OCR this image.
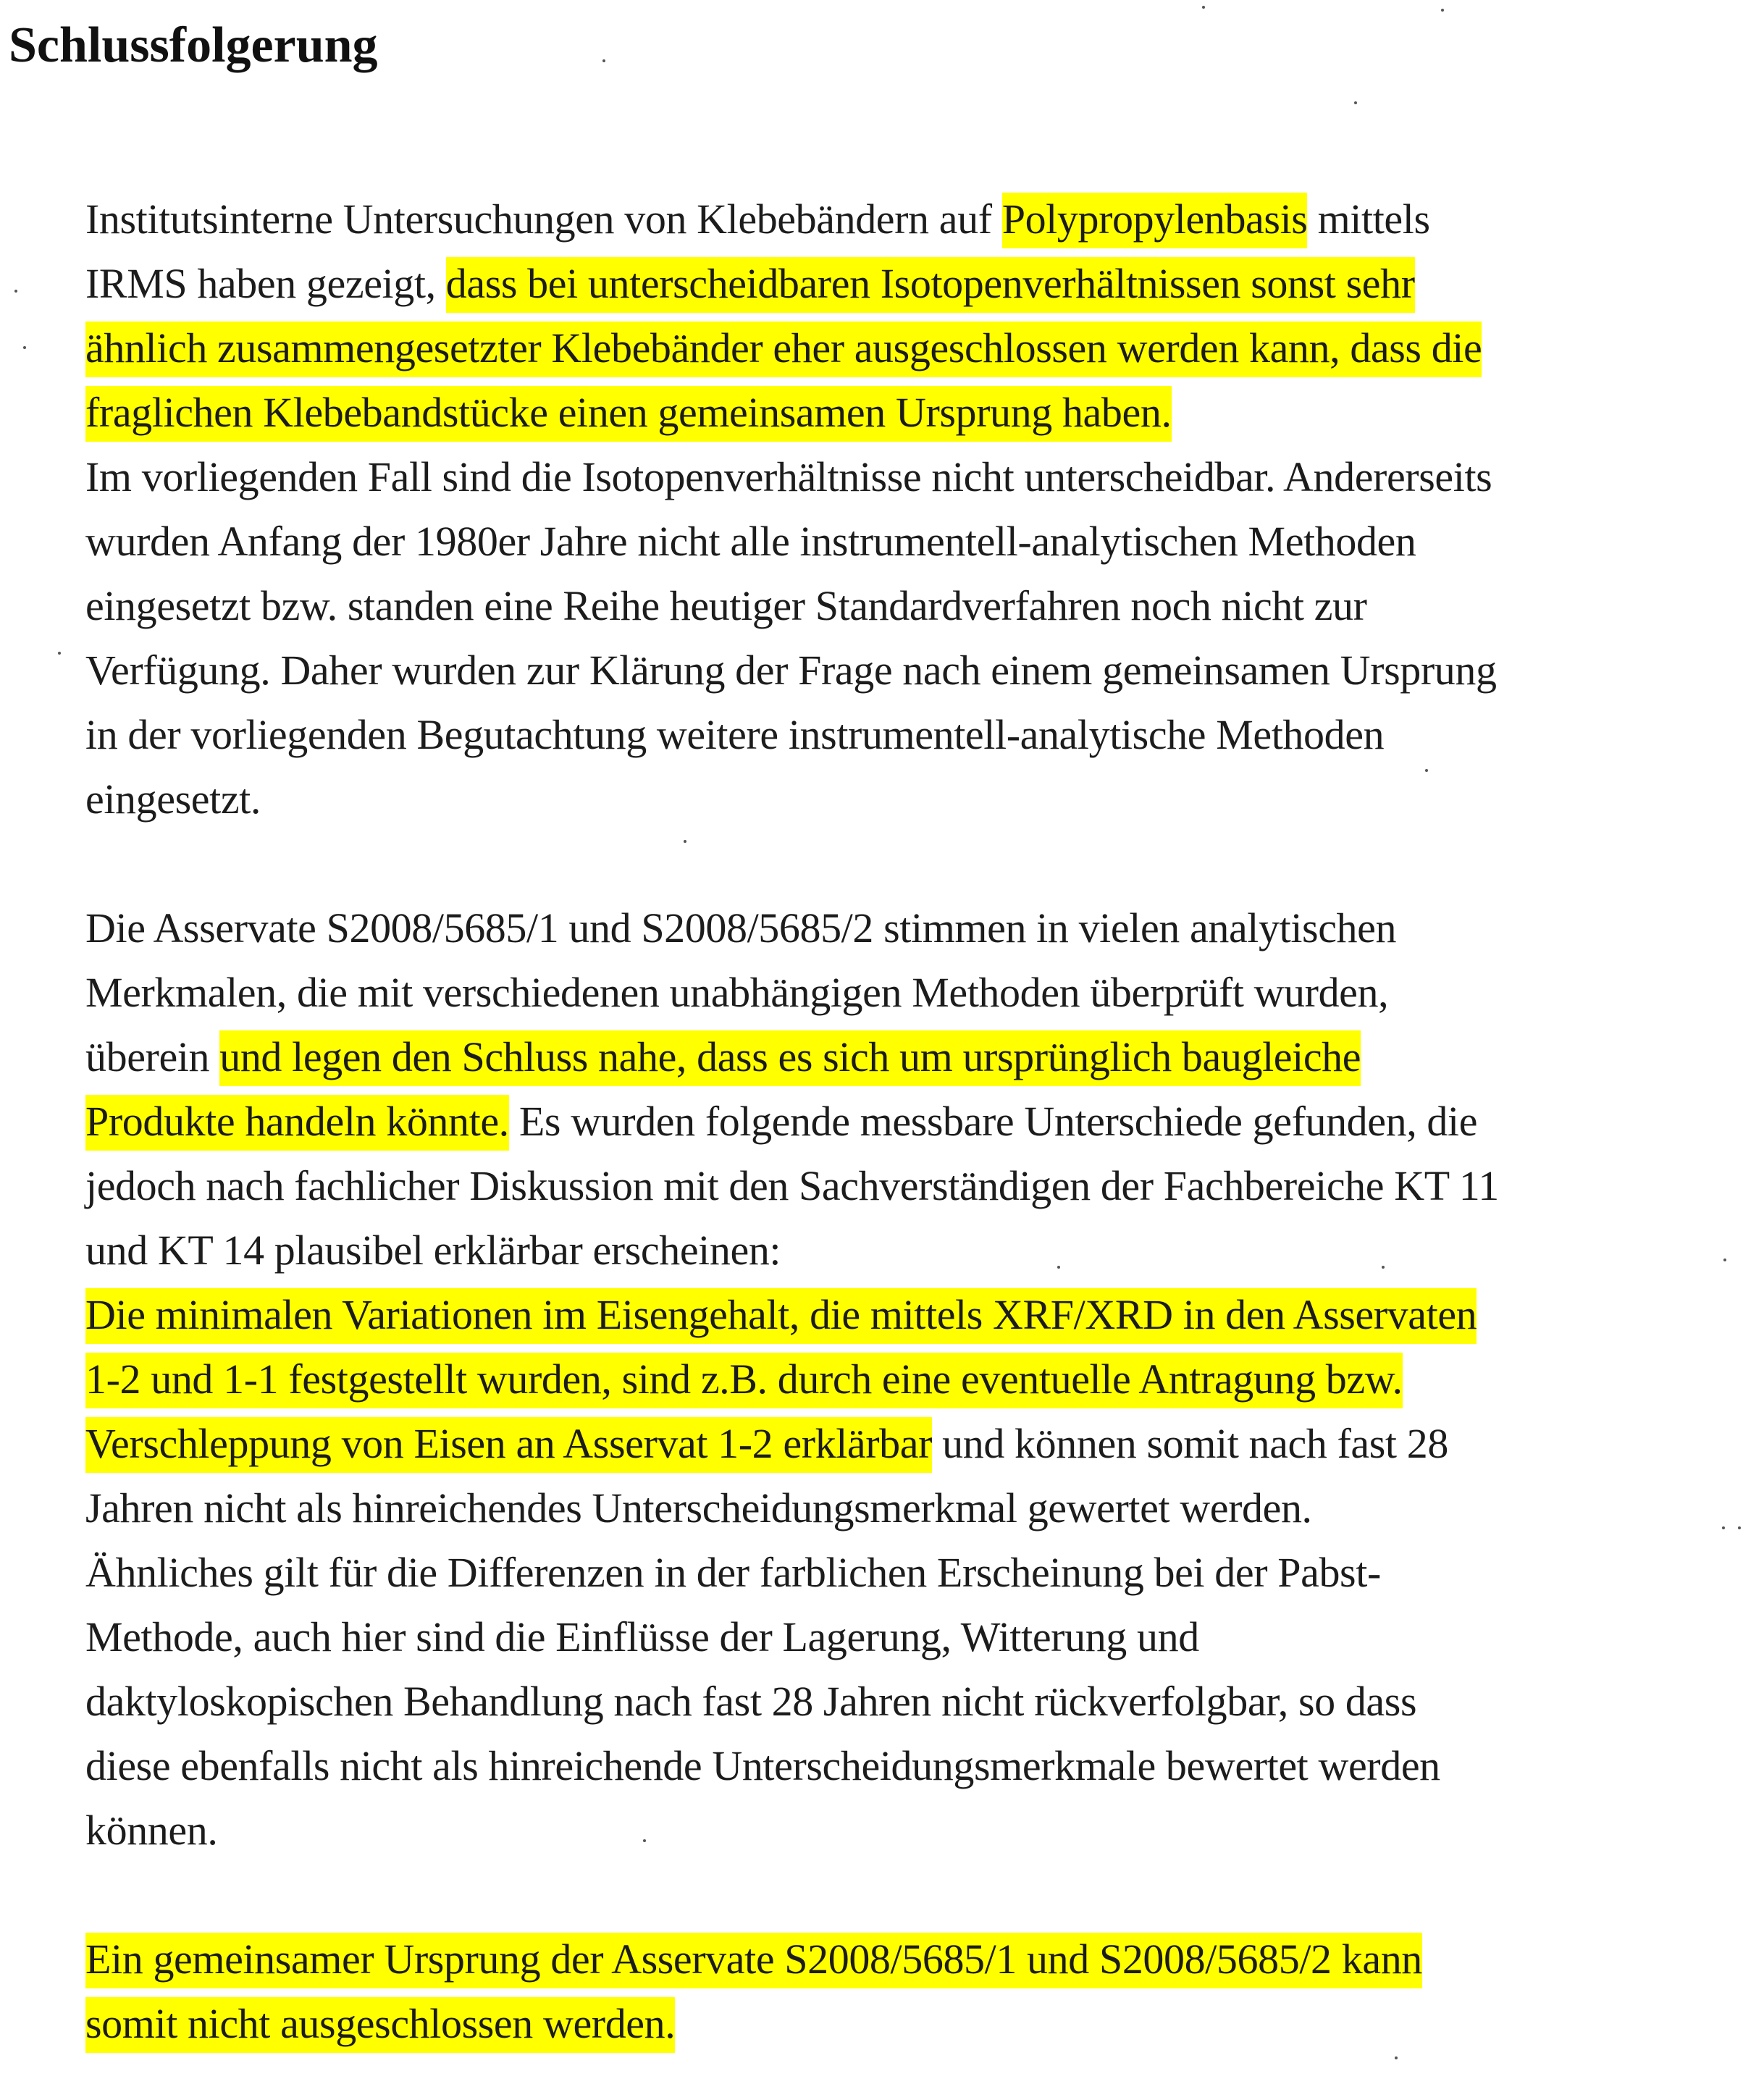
Schlussfolgerung
Institutsinterne Untersuchungen von Klebebändern auf Polypropylenbasis mittels
IRMS haben gezeigt, dass bei unterscheidbaren Isotopenverhältnissen sonst sehr
ähnlich zusammengesetzter Klebebänder eher ausgeschlossen werden kann, dass die
fraglichen Klebebandstücke einen gemeinsamen Ursprung haben.
Im vorliegenden Fall sind die Isotopenverhältnisse nicht unterscheidbar. Andererseits
wurden Anfang der 1980er Jahre nicht alle instrumentell-analytischen Methoden
eingesetzt bzw. standen eine Reihe heutiger Standardverfahren noch nicht zur
Verfügung. Daher wurden zur Klärung der Frage nach einem gemeinsamen Ursprung
in der vorliegenden Begutachtung weitere instrumentell-analytische Methoden
eingesetzt.
Die Asservate S2008/5685/1 und S2008/5685/2 stimmen in vielen analytischen
Merkmalen, die mit verschiedenen unabhängigen Methoden überprüft wurden,
überein und legen den Schluss nahe, dass es sich um ursprünglich baugleiche
Produkte handeln könnte. Es wurden folgende messbare Unterschiede gefunden, die
jedoch nach fachlicher Diskussion mit den Sachverständigen der Fachbereiche KT 11
und KT 14 plausibel erklärbar erscheinen:
Die minimalen Variationen im Eisengehalt, die mittels XRF/XRD in den Asservaten
1-2 und 1-1 festgestellt wurden, sind z.B. durch eine eventuelle Antragung bzw.
Verschleppung von Eisen an Asservat 1-2 erklärbar und können somit nach fast 28
Jahren nicht als hinreichendes Unterscheidungsmerkmal gewertet werden.
Ähnliches gilt für die Differenzen in der farblichen Erscheinung bei der Pabst-
Methode, auch hier sind die Einflüsse der Lagerung, Witterung und
daktyloskopischen Behandlung nach fast 28 Jahren nicht rückverfolgbar, so dass
diese ebenfalls nicht als hinreichende Unterscheidungsmerkmale bewertet werden
können.
Ein gemeinsamer Ursprung der Asservate S2008/5685/1 und S2008/5685/2 kann
somit nicht ausgeschlossen werden.
